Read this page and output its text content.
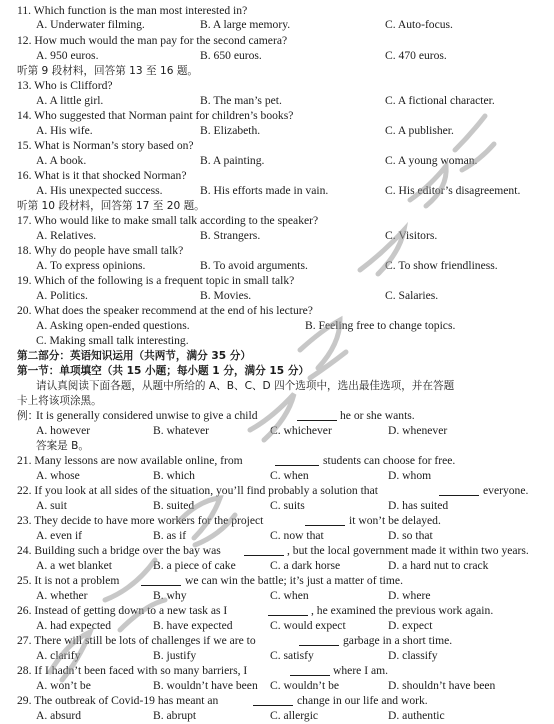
11. Which function is the man most interested in?
A. Underwater filming.	B. A large memory.	C. Auto-focus.
12. How much would the man pay for the second camera?
A. 950 euros.	B. 650 euros.	C. 470 euros.
听第 9 段材料，回答第 13 至 16 题。
13. Who is Clifford?
A. A little girl.	B. The man’s pet.	C. A fictional character.
14. Who suggested that Norman paint for children’s books?
A. His wife.	B. Elizabeth.	C. A publisher.
15. What is Norman’s story based on?
A. A book.	B. A painting.	C. A young woman.
16. What is it that shocked Norman?
A. His unexpected success.	B. His efforts made in vain.	C. His editor’s disagreement.
听第 10 段材料，回答第 17 至 20 题。
17. Who would like to make small talk according to the speaker?
A. Relatives.	B. Strangers.	C. Visitors.
18. Why do people have small talk?
A. To express opinions.	B. To avoid arguments.	C. To show friendliness.
19. Which of the following is a frequent topic in small talk?
A. Politics.	B. Movies.	C. Salaries.
20. What does the speaker recommend at the end of his lecture?
A. Asking open-ended questions.	B. Feeling free to change topics.
C. Making small talk interesting.
第二部分：英语知识运用（共两节，满分 35 分）
第一节：单项填空（共 15 小题；每小题 1 分，满分 15 分）
请认真阅读下面各题，从题中所给的 A、B、C、D 四个选项中，选出最佳选项，并在答题
卡上将该项涂黑。
例：
It is generally considered unwise to give a child	he or she wants.
A. however	B. whatever	C. whichever	D. whenever
答案是 B。
21. Many lessons are now available online, from	students can choose for free.
A. whose	B. which	C. when	D. whom
22. If you look at all sides of the situation, you’ll find probably a solution that	everyone.
A. suit	B. suited	C. suits	D. has suited
23. They decide to have more workers for the project	it won’t be delayed.
A. even if	B. as if	C. now that	D. so that
24. Building such a bridge over the bay was	, but the local government made it within two years.
A. a wet blanket	B. a piece of cake	C. a dark horse	D. a hard nut to crack
25. It is not a problem	we can win the battle; it’s just a matter of time.
A. whether	B. why	C. when	D. where
26. Instead of getting down to a new task as I	, he examined the previous work again.
A. had expected	B. have expected	C. would expect	D. expect
27. There will still be lots of challenges if we are to	garbage in a short time.
A. clarify	B. justify	C. satisfy	D. classify
28. If I hadn’t been faced with so many barriers, I	where I am.
A. won’t be	B. wouldn’t have been C. wouldn’t be	D. shouldn’t have been
29. The outbreak of Covid-19 has meant an	change in our life and work.
A. absurd	B. abrupt	C. allergic	D. authentic
